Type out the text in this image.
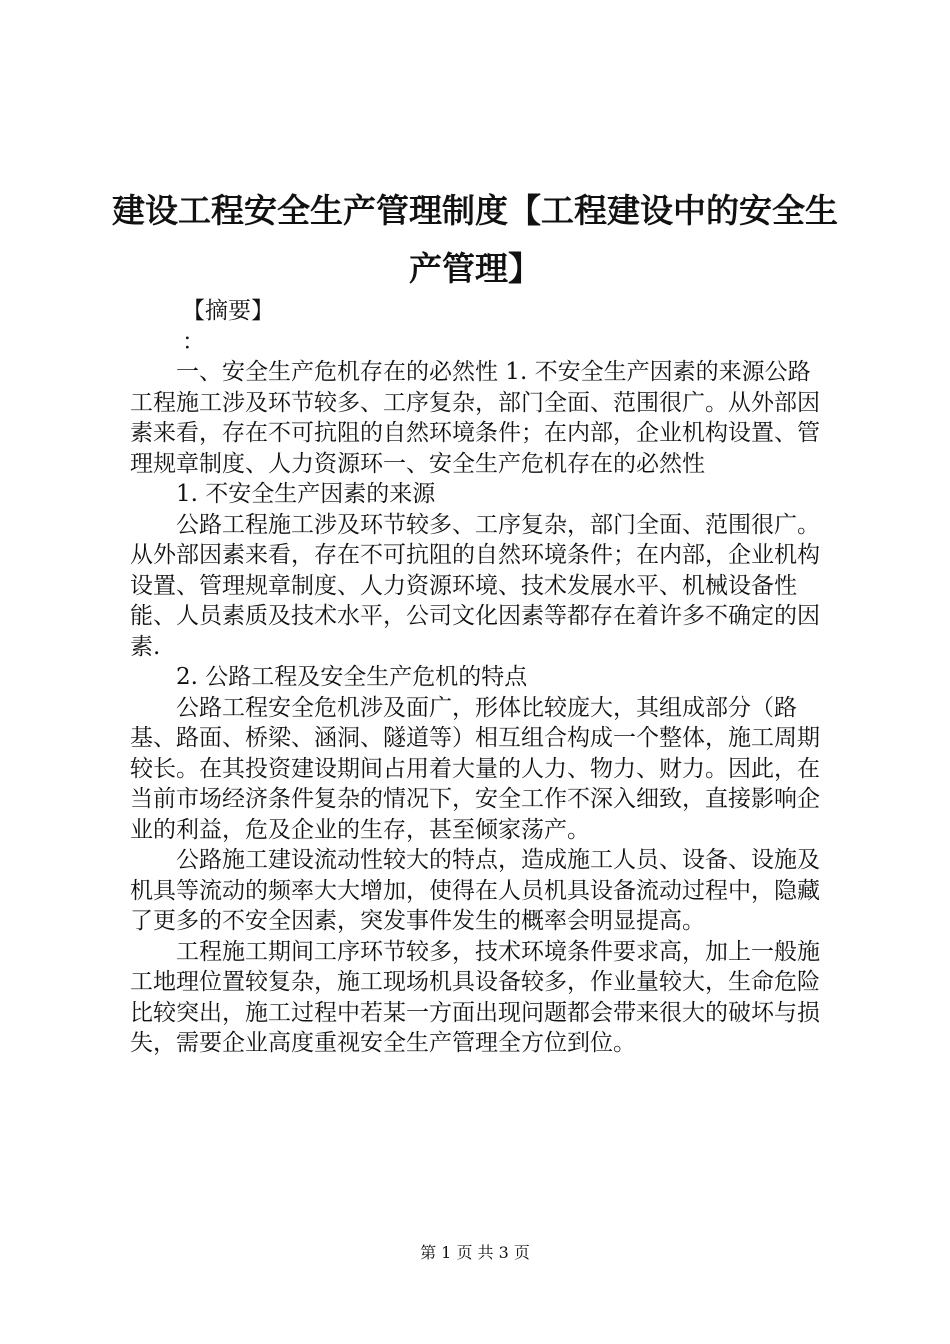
建设工程安全生产管理制度【工程建设中的安全生产管理】

【摘要】

：

一、安全生产危机存在的必然性 1. 不安全生产因素的来源公路工程施工涉及环节较多、工序复杂，部门全面、范围很广。从外部因素来看，存在不可抗阻的自然环境条件；在内部，企业机构设置、管理规章制度、人力资源环一、安全生产危机存在的必然性

1. 不安全生产因素的来源

公路工程施工涉及环节较多、工序复杂，部门全面、范围很广。从外部因素来看，存在不可抗阻的自然环境条件；在内部，企业机构设置、管理规章制度、人力资源环境、技术发展水平、机械设备性能、人员素质及技术水平，公司文化因素等都存在着许多不确定的因素.

2. 公路工程及安全生产危机的特点

公路工程安全危机涉及面广，形体比较庞大，其组成部分（路基、路面、桥梁、涵洞、隧道等）相互组合构成一个整体，施工周期较长。在其投资建设期间占用着大量的人力、物力、财力。因此，在当前市场经济条件复杂的情况下，安全工作不深入细致，直接影响企业的利益，危及企业的生存，甚至倾家荡产。

公路施工建设流动性较大的特点，造成施工人员、设备、设施及机具等流动的频率大大增加，使得在人员机具设备流动过程中，隐藏了更多的不安全因素，突发事件发生的概率会明显提高。

工程施工期间工序环节较多，技术环境条件要求高，加上一般施工地理位置较复杂，施工现场机具设备较多，作业量较大，生命危险比较突出，施工过程中若某一方面出现问题都会带来很大的破坏与损失，需要企业高度重视安全生产管理全方位到位。

第 1 页 共 3 页
